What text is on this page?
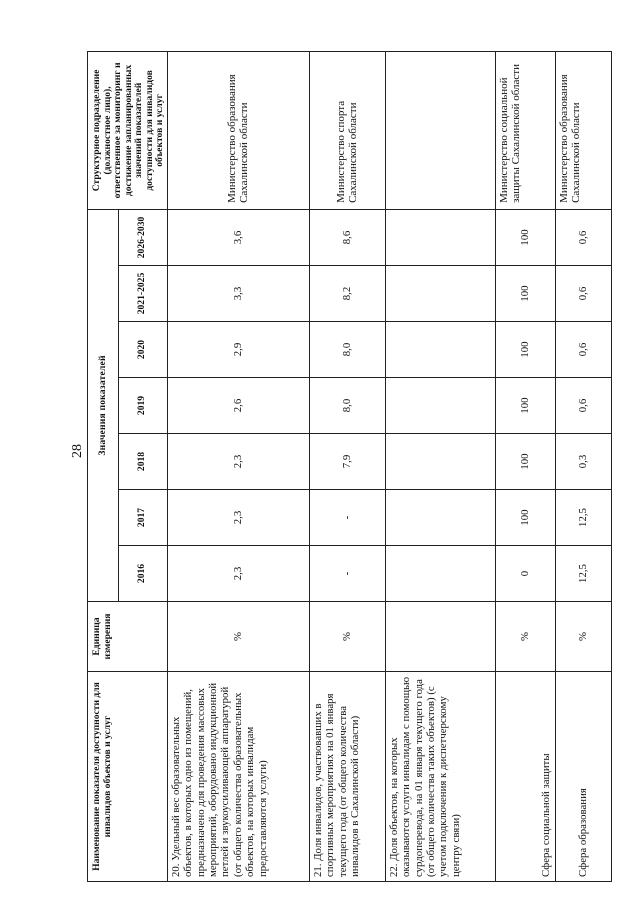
28
Наименование показателя доступности для инвалидов объектов и услуг	Единица измерения	Значения показателей							Структурное подразделение (должностное лицо), ответственное за мониторинг и достижение запланированных значений показателей доступности для инвалидов объектов и услуг
		2016	2017	2018	2019	2020	2021-2025	2026-2030	
20. Удельный вес образовательных объектов, в которых одно из помещений, предназначено для проведения массовых мероприятий, оборудовано индукционной петлей и звукоусиливающей аппаратурой (от общего количества образовательных объектов, на которых инвалидам предоставляются услуги)	%	2,3	2,3	2,3	2,6	2,9	3,3	3,6	Министерство образования Сахалинской области
21. Доля инвалидов, участвовавших в спортивных мероприятиях на 01 января текущего года (от общего количества инвалидов в Сахалинской области)	%	-	-	7,9	8,0	8,0	8,2	8,6	Министерство спорта Сахалинской области
22. Доля объектов, на которых оказываются услуги инвалидам с помощью сурдоперевода, на 01 января текущего года (от общего количества таких объектов) (с учетом подключения к диспетчерскому центру связи)									
Сфера социальной защиты	%	0	100	100	100	100	100	100	Министерство социальной защиты Сахалинской области
Сфера образования	%	12,5	12,5	0,3	0,6	0,6	0,6	0,6	Министерство образования Сахалинской области
